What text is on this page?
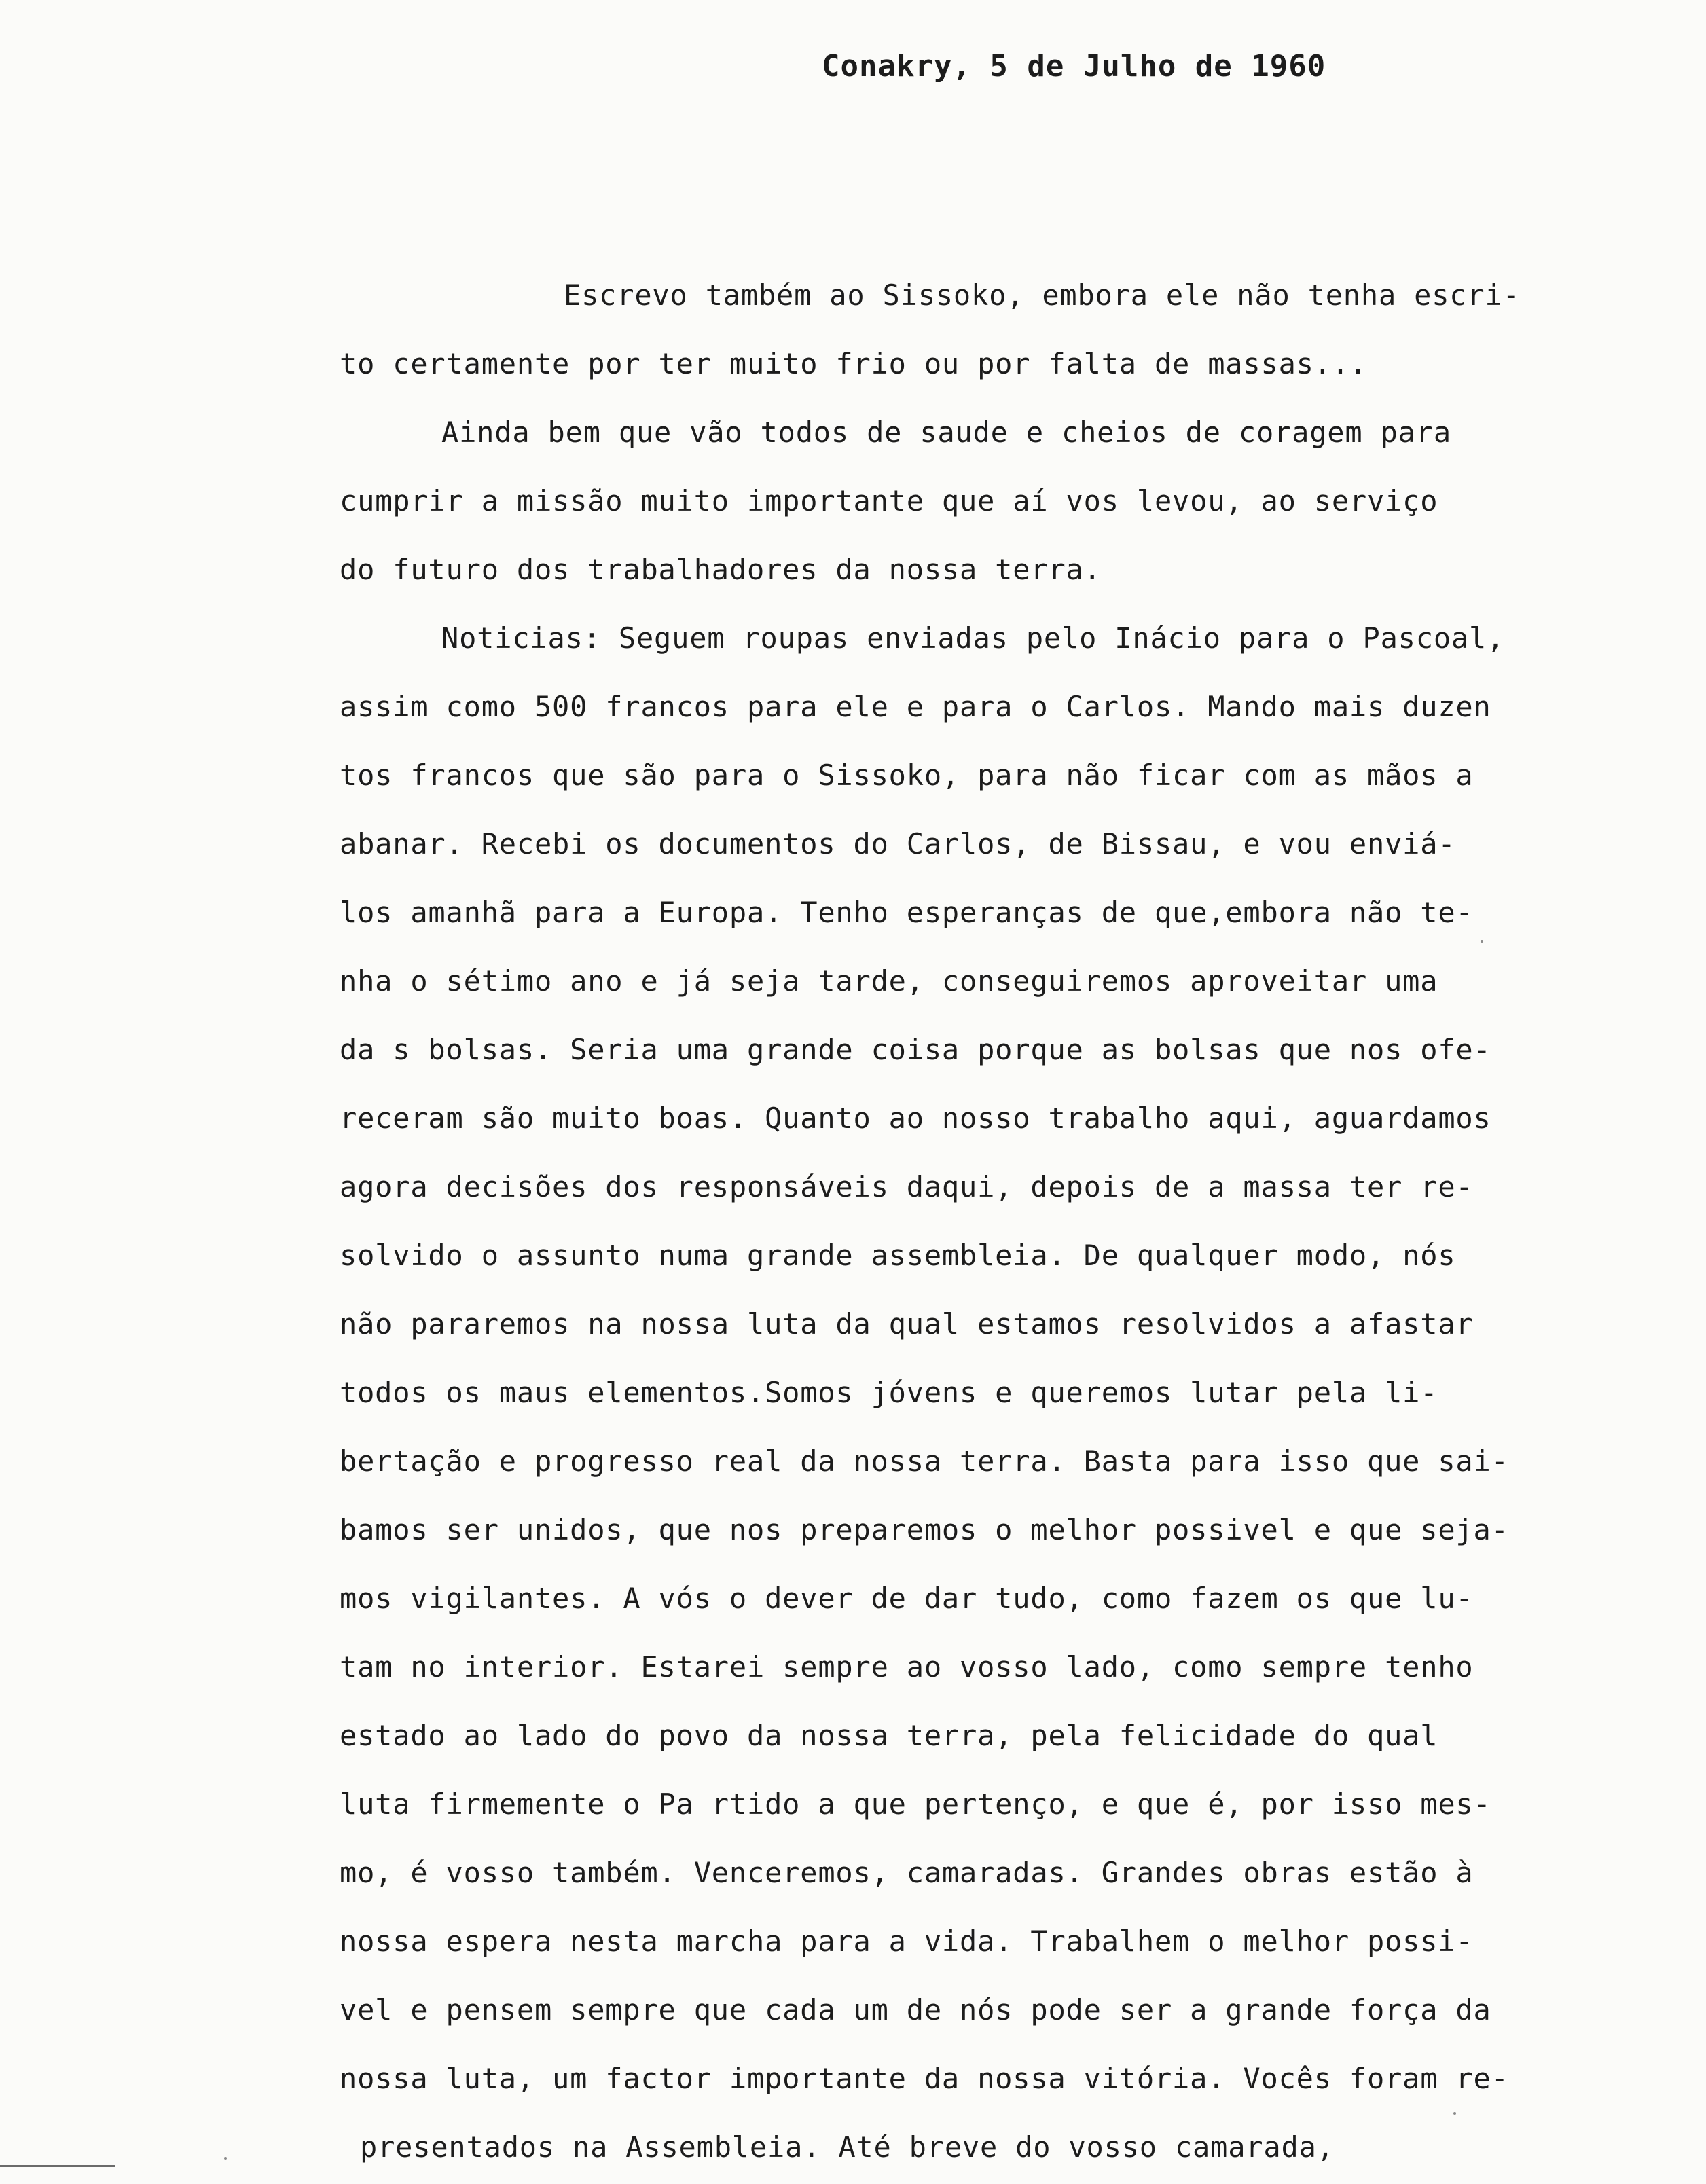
Conakry, 5 de Julho de 1960
Escrevo também ao Sissoko, embora ele não tenha escri-
to certamente por ter muito frio ou por falta de massas...
Ainda bem que vão todos de saude e cheios de coragem para
cumprir a missão muito importante que aí vos levou, ao serviço
do futuro dos trabalhadores da nossa terra.
Noticias: Seguem roupas enviadas pelo Inácio para o Pascoal,
assim como 500 francos para ele e para o Carlos. Mando mais duzen
tos francos que são para o Sissoko, para não ficar com as mãos a
abanar. Recebi os documentos do Carlos, de Bissau, e vou enviá-
los amanhã para a Europa. Tenho esperanças de que,embora não te-
nha o sétimo ano e já seja tarde, conseguiremos aproveitar uma
da s bolsas. Seria uma grande coisa porque as bolsas que nos ofe-
receram são muito boas. Quanto ao nosso trabalho aqui, aguardamos
agora decisões dos responsáveis daqui, depois de a massa ter re-
solvido o assunto numa grande assembleia. De qualquer modo, nós
não pararemos na nossa luta da qual estamos resolvidos a afastar
todos os maus elementos.Somos jóvens e queremos lutar pela li-
bertação e progresso real da nossa terra. Basta para isso que sai-
bamos ser unidos, que nos preparemos o melhor possivel e que seja-
mos vigilantes. A vós o dever de dar tudo, como fazem os que lu-
tam no interior. Estarei sempre ao vosso lado, como sempre tenho
estado ao lado do povo da nossa terra, pela felicidade do qual
luta firmemente o Pa rtido a que pertenço, e que é, por isso mes-
mo, é vosso também. Venceremos, camaradas. Grandes obras estão à
nossa espera nesta marcha para a vida. Trabalhem o melhor possi-
vel e pensem sempre que cada um de nós pode ser a grande força da
nossa luta, um factor importante da nossa vitória. Vocês foram re-
presentados na Assembleia. Até breve do vosso camarada,
